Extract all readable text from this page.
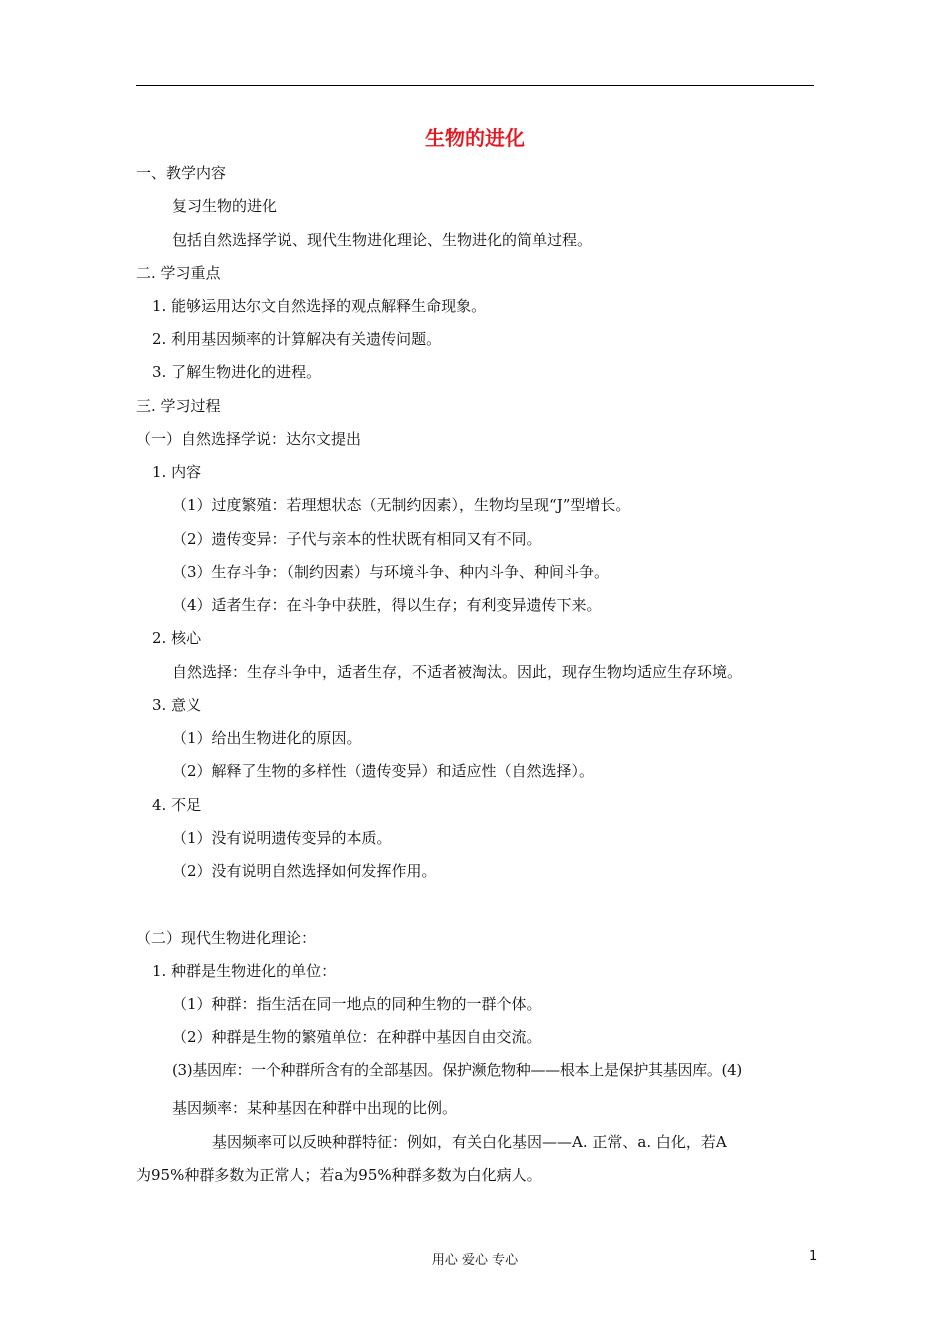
生物的进化
一、教学内容
复习生物的进化
包括自然选择学说、现代生物进化理论、生物进化的简单过程。
二. 学习重点
1. 能够运用达尔文自然选择的观点解释生命现象。
2. 利用基因频率的计算解决有关遗传问题。
3. 了解生物进化的进程。
三. 学习过程
（一）自然选择学说：达尔文提出
1. 内容
（1）过度繁殖：若理想状态（无制约因素），生物均呈现“J”型增长。
（2）遗传变异：子代与亲本的性状既有相同又有不同。
（3）生存斗争：（制约因素）与环境斗争、种内斗争、种间斗争。
（4）适者生存：在斗争中获胜，得以生存；有利变异遗传下来。
2. 核心
自然选择：生存斗争中，适者生存，不适者被淘汰。因此，现存生物均适应生存环境。
3. 意义
（1）给出生物进化的原因。
（2）解释了生物的多样性（遗传变异）和适应性（自然选择）。
4. 不足
（1）没有说明遗传变异的本质。
（2）没有说明自然选择如何发挥作用。
（二）现代生物进化理论：
1. 种群是生物进化的单位：
（1）种群：指生活在同一地点的同种生物的一群个体。
（2）种群是生物的繁殖单位：在种群中基因自由交流。
(3)基因库：一个种群所含有的全部基因。保护濒危物种——根本上是保护其基因库。(4)
基因频率：某种基因在种群中出现的比例。
基因频率可以反映种群特征：例如，有关白化基因——A. 正常、a. 白化，若A
为95%种群多数为正常人；若a为95%种群多数为白化病人。
用心 爱心 专心	1
